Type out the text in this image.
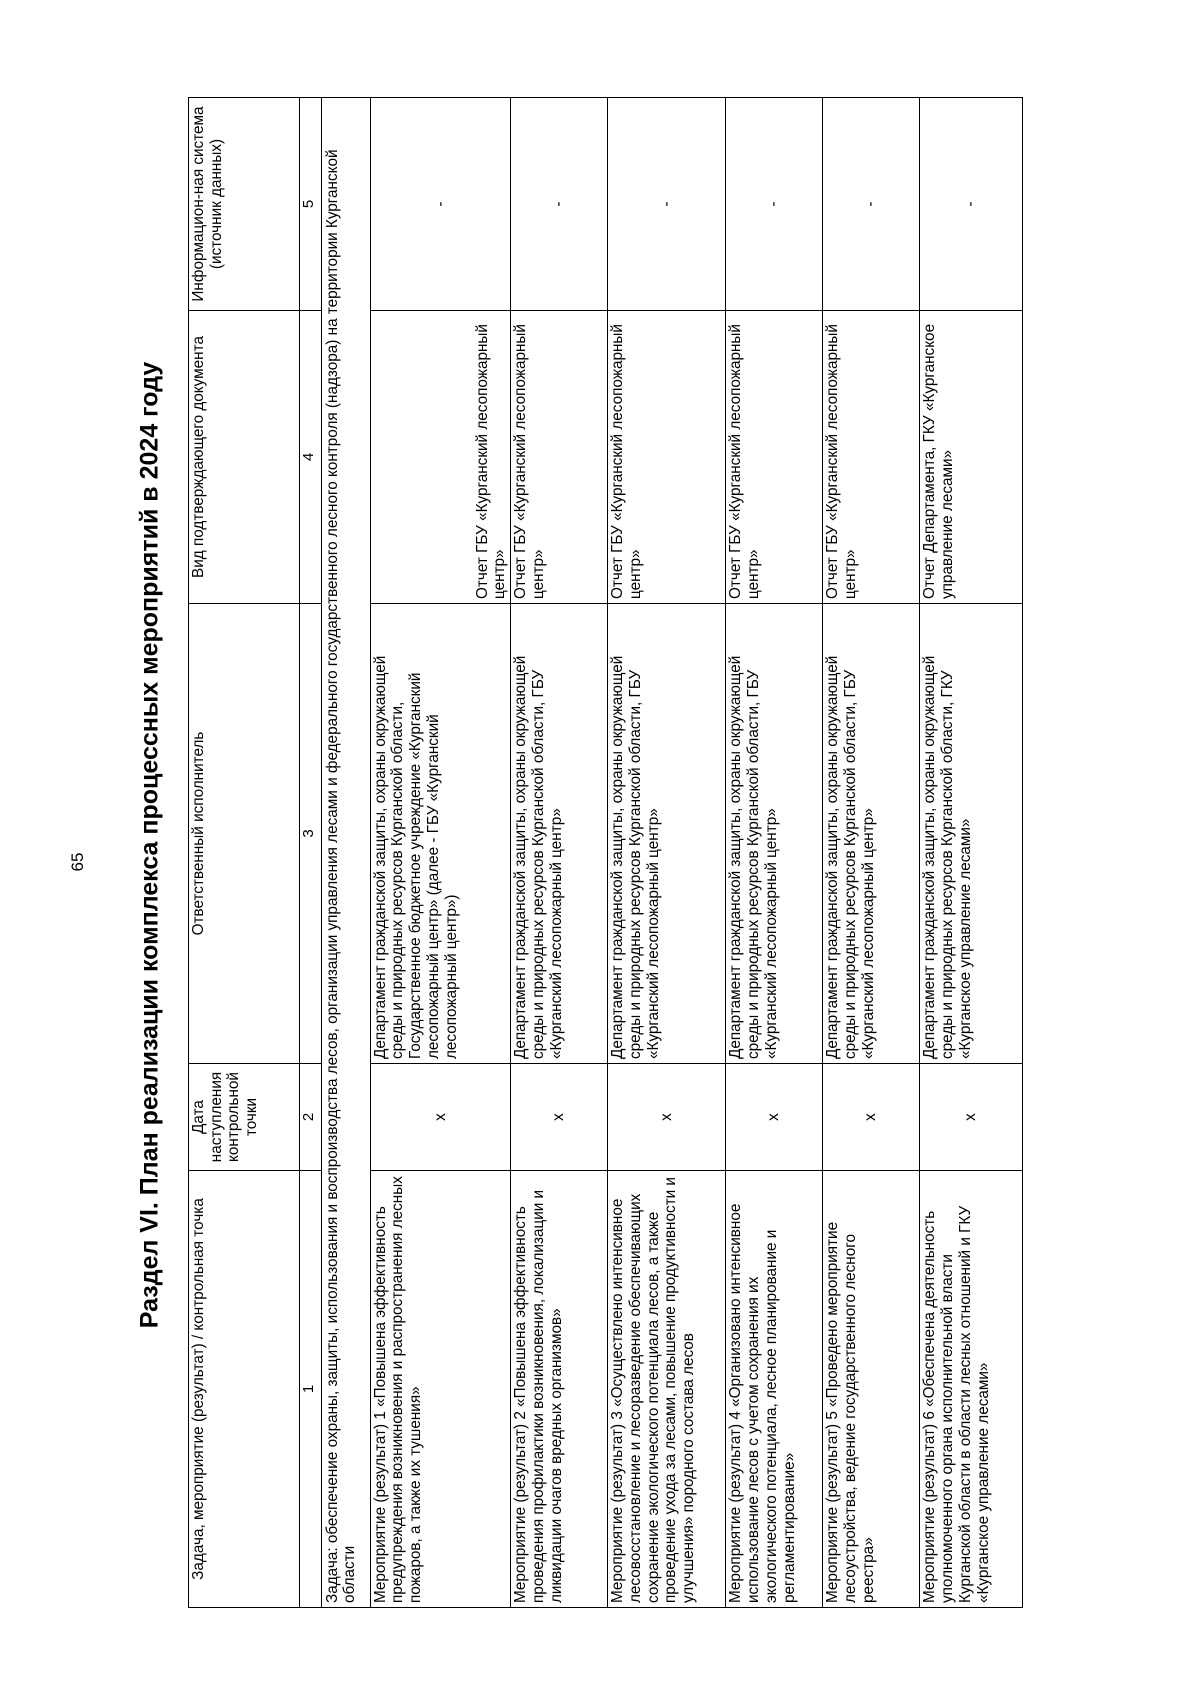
65 Раздел VI. План реализации комплекса процессных мероприятий в 2024 году
Задача, мероприятие (результат) / контрольная точка	Дата наступления контрольной точки	Ответственный исполнитель	Вид подтверждающего документа	Информацион-ная система (источник данных)
1	2	3	4	5
Задача: обеспечение охраны, защиты, использования и воспроизводства лесов, организации управления лесами и федерального государственного лесного контроля (надзора) на территории Курганской области				
Мероприятие (результат) 1 «Повышена эффективность предупреждения возникновения и распространения лесных пожаров, а также их тушения»	х	Департамент гражданской защиты, охраны окружающей среды и природных ресурсов Курганской области, Государственное бюджетное учреждение «Курганский лесопожарный центр» (далее - ГБУ «Курганский лесопожарный центр»)	Отчет ГБУ «Курганский лесопожарный центр»	-
Мероприятие (результат) 2 «Повышена эффективность проведения профилактики возникновения, локализации и ликвидации очагов вредных организмов»	х	Департамент гражданской защиты, охраны окружающей среды и природных ресурсов Курганской области, ГБУ «Курганский лесопожарный центр»	Отчет ГБУ «Курганский лесопожарный центр»	-
Мероприятие (результат) 3 «Осуществлено интенсивное лесовосстановление и лесоразведение обеспечивающих сохранение экологического потенциала лесов, а также проведение ухода за лесами, повышение продуктивности и улучшения» породного состава лесов	х	Департамент гражданской защиты, охраны окружающей среды и природных ресурсов Курганской области, ГБУ «Курганский лесопожарный центр»	Отчет ГБУ «Курганский лесопожарный центр»	-
Мероприятие (результат) 4 «Организовано интенсивное использование лесов с учетом сохранения их экологического потенциала, лесное планирование и регламентирование»	х	Департамент гражданской защиты, охраны окружающей среды и природных ресурсов Курганской области, ГБУ «Курганский лесопожарный центр»	Отчет ГБУ «Курганский лесопожарный центр»	-
Мероприятие (результат) 5 «Проведено мероприятие лесоустройства, ведение государственного лесного реестра»	х	Департамент гражданской защиты, охраны окружающей среды и природных ресурсов Курганской области, ГБУ «Курганский лесопожарный центр»	Отчет ГБУ «Курганский лесопожарный центр»	-
Мероприятие (результат) 6 «Обеспечена деятельность уполномоченного органа исполнительной власти Курганской области в области лесных отношений и ГКУ «Курганское управление лесами»	х	Департамент гражданской защиты, охраны окружающей среды и природных ресурсов Курганской области, ГКУ «Курганское управление лесами»	Отчет Департамента, ГКУ «Курганское управление лесами»	-
